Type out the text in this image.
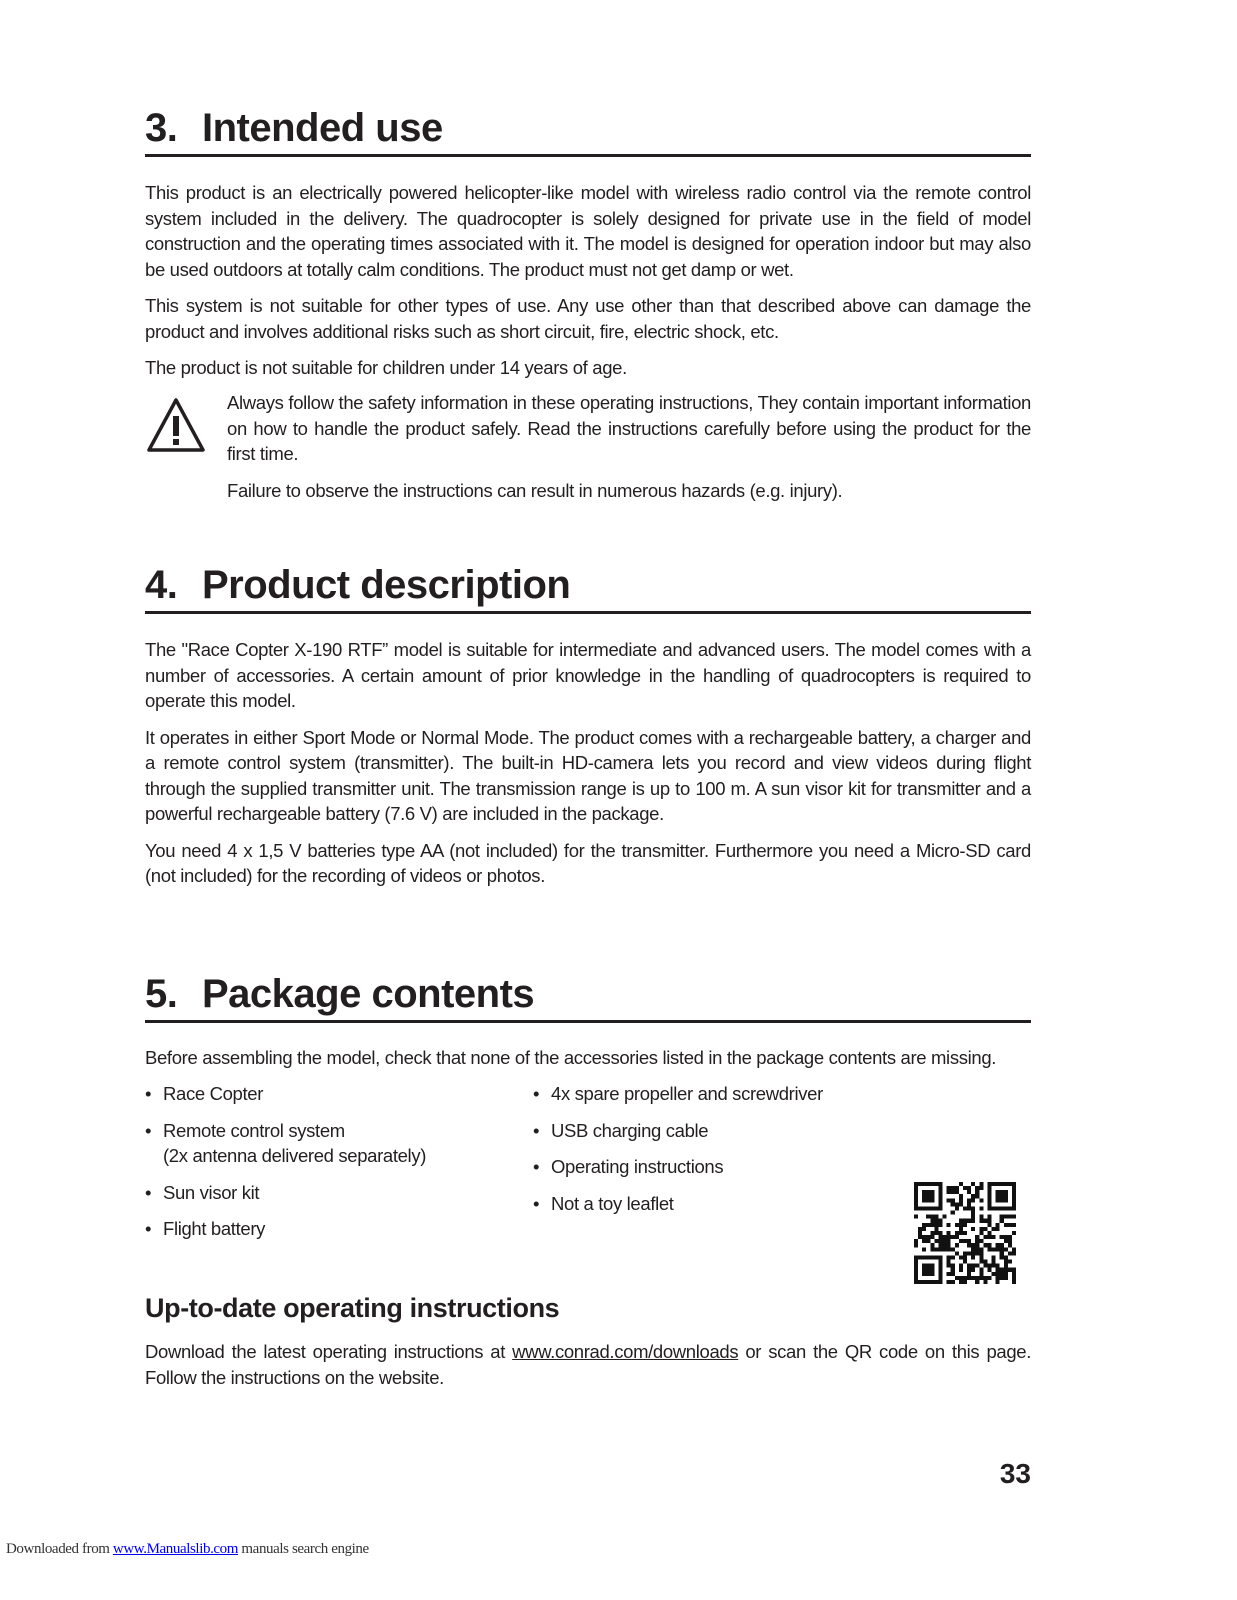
3. Intended use

This product is an electrically powered helicopter-like model with wireless radio control via the remote control system included in the delivery. The quadrocopter is solely designed for private use in the field of model construction and the operating times associated with it. The model is designed for operation indoor but may also be used outdoors at totally calm conditions. The product must not get damp or wet.

This system is not suitable for other types of use. Any use other than that described above can damage the product and involves additional risks such as short circuit, fire, electric shock, etc.

The product is not suitable for children under 14 years of age.

Always follow the safety information in these operating instructions, They contain important information on how to handle the product safely. Read the instructions carefully before using the product for the first time.

Failure to observe the instructions can result in numerous hazards (e.g. injury).

4. Product description

The "Race Copter X-190 RTF” model is suitable for intermediate and advanced users. The model comes with a number of accessories. A certain amount of prior knowledge in the handling of quadrocopters is required to operate this model.

It operates in either Sport Mode or Normal Mode. The product comes with a rechargeable battery, a charger and a remote control system (transmitter). The built-in HD-camera lets you record and view videos during flight through the supplied transmitter unit. The transmission range is up to 100 m. A sun visor kit for transmitter and a powerful rechargeable battery (7.6 V) are included in the package.

You need 4 x 1,5 V batteries type AA (not included) for the transmitter. Furthermore you need a Micro-SD card (not included) for the recording of videos or photos.

5. Package contents

Before assembling the model, check that none of the accessories listed in the package contents are missing.

• Race Copter
• Remote control system
(2x antenna delivered separately)
• Sun visor kit
• Flight battery
• 4x spare propeller and screwdriver
• USB charging cable
• Operating instructions
• Not a toy leaflet
Up-to-date operating instructions

Download the latest operating instructions at www.conrad.com/downloads or scan the QR code on this page. Follow the instructions on the website.

33
Downloaded from www.Manualslib.com manuals search engine
